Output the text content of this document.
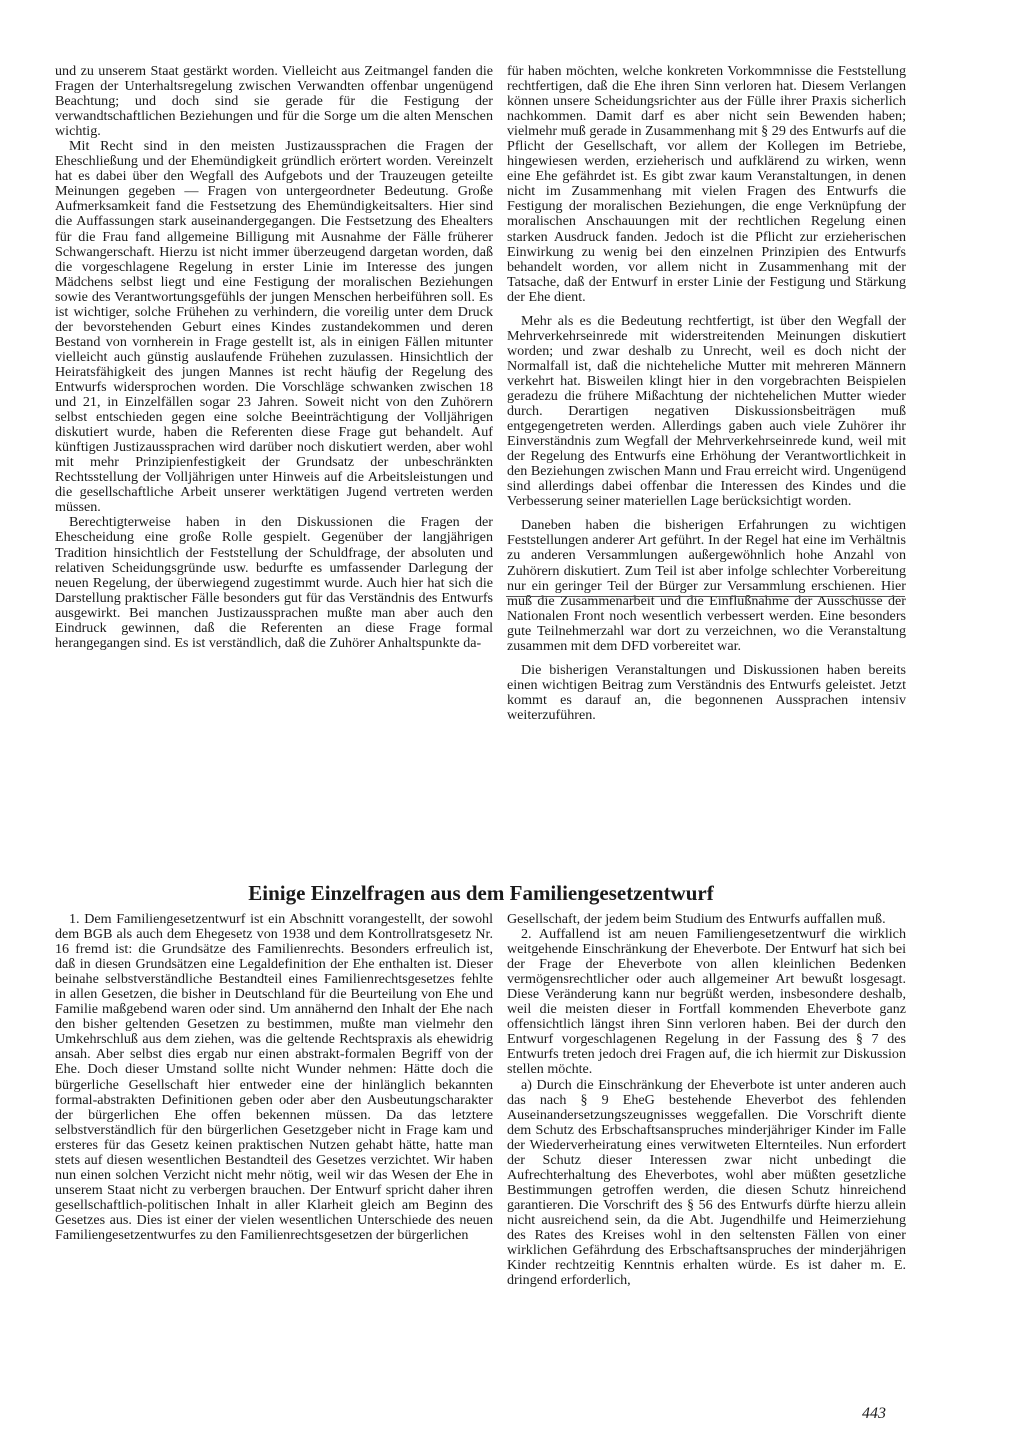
und zu unserem Staat gestärkt worden. Vielleicht aus Zeitmangel fanden die Fragen der Unterhaltsregelung zwischen Verwandten offenbar ungenügend Beachtung; und doch sind sie gerade für die Festigung der verwandtschaftlichen Beziehungen und für die Sorge um die alten Menschen wichtig.

Mit Recht sind in den meisten Justizaussprachen die Fragen der Eheschließung und der Ehemündigkeit gründlich erörtert worden. Vereinzelt hat es dabei über den Wegfall des Aufgebots und der Trauzeugen geteilte Meinungen gegeben — Fragen von untergeordneter Bedeutung. Große Aufmerksamkeit fand die Festsetzung des Ehemündigkeitsalters. Hier sind die Auffassungen stark auseinandergegangen. Die Festsetzung des Ehealters für die Frau fand allgemeine Billigung mit Ausnahme der Fälle früherer Schwangerschaft. Hierzu ist nicht immer überzeugend dargetan worden, daß die vorgeschlagene Regelung in erster Linie im Interesse des jungen Mädchens selbst liegt und eine Festigung der moralischen Beziehungen sowie des Verantwortungsgefühls der jungen Menschen herbeiführen soll. Es ist wichtiger, solche Frühehen zu verhindern, die voreilig unter dem Druck der bevorstehenden Geburt eines Kindes zustandekommen und deren Bestand von vornherein in Frage gestellt ist, als in einigen Fällen mitunter vielleicht auch günstig auslaufende Frühehen zuzulassen. Hinsichtlich der Heiratsfähigkeit des jungen Mannes ist recht häufig der Regelung des Entwurfs widersprochen worden. Die Vorschläge schwanken zwischen 18 und 21, in Einzelfällen sogar 23 Jahren. Soweit nicht von den Zuhörern selbst entschieden gegen eine solche Beeinträchtigung der Volljährigen diskutiert wurde, haben die Referenten diese Frage gut behandelt. Auf künftigen Justizaussprachen wird darüber noch diskutiert werden, aber wohl mit mehr Prinzipienfestigkeit der Grundsatz der unbeschränkten Rechtsstellung der Volljährigen unter Hinweis auf die Arbeitsleistungen und die gesellschaftliche Arbeit unserer werktätigen Jugend vertreten werden müssen.

Berechtigterweise haben in den Diskussionen die Fragen der Ehescheidung eine große Rolle gespielt. Gegenüber der langjährigen Tradition hinsichtlich der Feststellung der Schuldfrage, der absoluten und relativen Scheidungsgründe usw. bedurfte es umfassender Darlegung der neuen Regelung, der überwiegend zugestimmt wurde. Auch hier hat sich die Darstellung praktischer Fälle besonders gut für das Verständnis des Entwurfs ausgewirkt. Bei manchen Justizaussprachen mußte man aber auch den Eindruck gewinnen, daß die Referenten an diese Frage formal herangegangen sind. Es ist verständlich, daß die Zuhörer Anhaltspunkte da-

für haben möchten, welche konkreten Vorkommnisse die Feststellung rechtfertigen, daß die Ehe ihren Sinn verloren hat. Diesem Verlangen können unsere Scheidungsrichter aus der Fülle ihrer Praxis sicherlich nachkommen. Damit darf es aber nicht sein Bewenden haben; vielmehr muß gerade in Zusammenhang mit § 29 des Entwurfs auf die Pflicht der Gesellschaft, vor allem der Kollegen im Betriebe, hingewiesen werden, erzieherisch und aufklärend zu wirken, wenn eine Ehe gefährdet ist. Es gibt zwar kaum Veranstaltungen, in denen nicht im Zusammenhang mit vielen Fragen des Entwurfs die Festigung der moralischen Beziehungen, die enge Verknüpfung der moralischen Anschauungen mit der rechtlichen Regelung einen starken Ausdruck fanden. Jedoch ist die Pflicht zur erzieherischen Einwirkung zu wenig bei den einzelnen Prinzipien des Entwurfs behandelt worden, vor allem nicht in Zusammenhang mit der Tatsache, daß der Entwurf in erster Linie der Festigung und Stärkung der Ehe dient.

Mehr als es die Bedeutung rechtfertigt, ist über den Wegfall der Mehrverkehrseinrede mit widerstreitenden Meinungen diskutiert worden; und zwar deshalb zu Unrecht, weil es doch nicht der Normalfall ist, daß die nichteheliche Mutter mit mehreren Männern verkehrt hat. Bisweilen klingt hier in den vorgebrachten Beispielen geradezu die frühere Mißachtung der nichtehelichen Mutter wieder durch. Derartigen negativen Diskussionsbeiträgen muß entgegengetreten werden. Allerdings gaben auch viele Zuhörer ihr Einverständnis zum Wegfall der Mehrverkehrseinrede kund, weil mit der Regelung des Entwurfs eine Erhöhung der Verantwortlichkeit in den Beziehungen zwischen Mann und Frau erreicht wird. Ungenügend sind allerdings dabei offenbar die Interessen des Kindes und die Verbesserung seiner materiellen Lage berücksichtigt worden.

Daneben haben die bisherigen Erfahrungen zu wichtigen Feststellungen anderer Art geführt. In der Regel hat eine im Verhältnis zu anderen Versammlungen außergewöhnlich hohe Anzahl von Zuhörern diskutiert. Zum Teil ist aber infolge schlechter Vorbereitung nur ein geringer Teil der Bürger zur Versammlung erschienen. Hier muß die Zusammenarbeit und die Einflußnahme der Ausschüsse der Nationalen Front noch wesentlich verbessert werden. Eine besonders gute Teilnehmerzahl war dort zu verzeichnen, wo die Veranstaltung zusammen mit dem DFD vorbereitet war.

Die bisherigen Veranstaltungen und Diskussionen haben bereits einen wichtigen Beitrag zum Verständnis des Entwurfs geleistet. Jetzt kommt es darauf an, die begonnenen Aussprachen intensiv weiterzuführen.

Einige Einzelfragen aus dem Familiengesetzentwurf

1. Dem Familiengesetzentwurf ist ein Abschnitt vorangestellt, der sowohl dem BGB als auch dem Ehegesetz von 1938 und dem Kontrollratsgesetz Nr. 16 fremd ist: die Grundsätze des Familienrechts. Besonders erfreulich ist, daß in diesen Grundsätzen eine Legaldefinition der Ehe enthalten ist. Dieser beinahe selbstverständliche Bestandteil eines Familienrechtsgesetzes fehlte in allen Gesetzen, die bisher in Deutschland für die Beurteilung von Ehe und Familie maßgebend waren oder sind. Um annähernd den Inhalt der Ehe nach den bisher geltenden Gesetzen zu bestimmen, mußte man vielmehr den Umkehrschluß aus dem ziehen, was die geltende Rechtspraxis als ehewidrig ansah. Aber selbst dies ergab nur einen abstrakt-formalen Begriff von der Ehe. Doch dieser Umstand sollte nicht Wunder nehmen: Hätte doch die bürgerliche Gesellschaft hier entweder eine der hinlänglich bekannten formal-abstrakten Definitionen geben oder aber den Ausbeutungscharakter der bürgerlichen Ehe offen bekennen müssen. Da das letztere selbstverständlich für den bürgerlichen Gesetzgeber nicht in Frage kam und ersteres für das Gesetz keinen praktischen Nutzen gehabt hätte, hatte man stets auf diesen wesentlichen Bestandteil des Gesetzes verzichtet. Wir haben nun einen solchen Verzicht nicht mehr nötig, weil wir das Wesen der Ehe in unserem Staat nicht zu verbergen brauchen. Der Entwurf spricht daher ihren gesellschaftlich-politischen Inhalt in aller Klarheit gleich am Beginn des Gesetzes aus. Dies ist einer der vielen wesentlichen Unterschiede des neuen Familiengesetzentwurfes zu den Familienrechtsgesetzen der bürgerlichen

Gesellschaft, der jedem beim Studium des Entwurfs auffallen muß.

2. Auffallend ist am neuen Familiengesetzentwurf die wirklich weitgehende Einschränkung der Eheverbote. Der Entwurf hat sich bei der Frage der Eheverbote von allen kleinlichen Bedenken vermögensrechtlicher oder auch allgemeiner Art bewußt losgesagt. Diese Veränderung kann nur begrüßt werden, insbesondere deshalb, weil die meisten dieser in Fortfall kommenden Eheverbote ganz offensichtlich längst ihren Sinn verloren haben. Bei der durch den Entwurf vorgeschlagenen Regelung in der Fassung des § 7 des Entwurfs treten jedoch drei Fragen auf, die ich hiermit zur Diskussion stellen möchte.

a) Durch die Einschränkung der Eheverbote ist unter anderen auch das nach § 9 EheG bestehende Eheverbot des fehlenden Auseinandersetzungszeugnisses weggefallen. Die Vorschrift diente dem Schutz des Erbschaftsanspruches minderjähriger Kinder im Falle der Wiederverheiratung eines verwitweten Elternteiles. Nun erfordert der Schutz dieser Interessen zwar nicht unbedingt die Aufrechterhaltung des Eheverbotes, wohl aber müßten gesetzliche Bestimmungen getroffen werden, die diesen Schutz hinreichend garantieren. Die Vorschrift des § 56 des Entwurfs dürfte hierzu allein nicht ausreichend sein, da die Abt. Jugendhilfe und Heimerziehung des Rates des Kreises wohl in den seltensten Fällen von einer wirklichen Gefährdung des Erbschaftsanspruches der minderjährigen Kinder rechtzeitig Kenntnis erhalten würde. Es ist daher m. E. dringend erforderlich,

443
